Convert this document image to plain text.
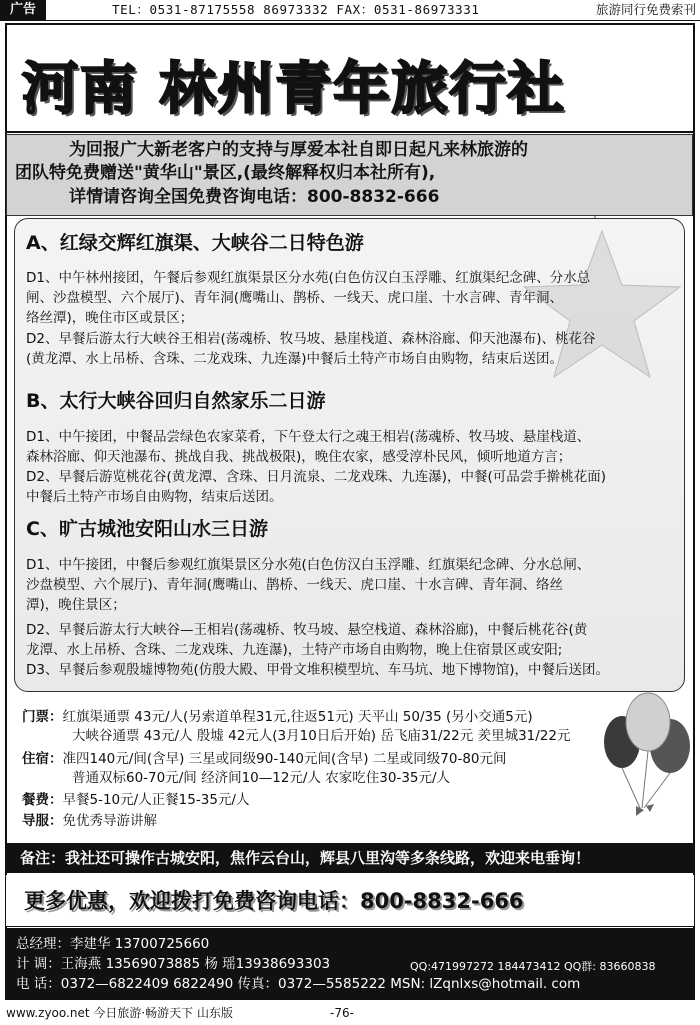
广告	TEL：0531-87175558 86973332 FAX：0531-86973331	旅游同行免费索刊
河南 林州青年旅行社
为回报广大新老客户的支持与厚爱本社自即日起凡来林旅游的
团队特免费赠送"黄华山"景区,(最终解释权归本社所有),
详情请咨询全国免费咨询电话：800-8832-666
A、红绿交辉红旗渠、大峡谷二日特色游
D1、中午林州接团，午餐后参观红旗渠景区分水苑(白色仿汉白玉浮雕、红旗渠纪念碑、分水总
闸、沙盘模型、六个展厅)、青年洞(鹰嘴山、鹊桥、一线天、虎口崖、十水言碑、青年洞、
络丝潭)，晚住市区或景区；
D2、早餐后游太行大峡谷王相岩(荡魂桥、牧马坡、悬崖栈道、森林浴廊、仰天池瀑布)、桃花谷
(黄龙潭、水上吊桥、含珠、二龙戏珠、九连瀑)中餐后土特产市场自由购物，结束后送团。
B、太行大峡谷回归自然家乐二日游
D1、中午接团，中餐品尝绿色农家菜肴，下午登太行之魂王相岩(荡魂桥、牧马坡、悬崖栈道、
森林浴廊、仰天池瀑布、挑战自我、挑战极限)，晚住农家，感受淳朴民风，倾听地道方言；
D2、早餐后游览桃花谷(黄龙潭、含珠、日月流泉、二龙戏珠、九连瀑)，中餐(可品尝手擀桃花面)
中餐后土特产市场自由购物，结束后送团。
C、旷古城池安阳山水三日游
D1、中午接团，中餐后参观红旗渠景区分水苑(白色仿汉白玉浮雕、红旗渠纪念碑、分水总闸、
沙盘模型、六个展厅)、青年洞(鹰嘴山、鹊桥、一线天、虎口崖、十水言碑、青年洞、络丝
潭)，晚住景区；
D2、早餐后游太行大峡谷—王相岩(荡魂桥、牧马坡、悬空栈道、森林浴廊)，中餐后桃花谷(黄
龙潭、水上吊桥、含珠、二龙戏珠、九连瀑)，土特产市场自由购物，晚上住宿景区或安阳;
D3、早餐后参观殷墟博物苑(仿殷大殿、甲骨文堆积模型坑、车马坑、地下博物馆)，中餐后送团。
门票：红旗渠通票 43元/人(另索道单程31元,往返51元) 天平山 50/35 (另小交通5元)
大峡谷通票 43元/人 殷墟 42元人(3月10日后开始) 岳飞庙31/22元 羑里城31/22元
住宿：准四140元/间(含早) 三星或同级90-140元间(含早) 二星或同级70-80元间
普通双标60-70元/间 经济间10—12元/人 农家吃住30-35元/人
餐费：早餐5-10元/人正餐15-35元/人
导服：免优秀导游讲解
备注：我社还可操作古城安阳，焦作云台山，辉县八里沟等多条线路，欢迎来电垂询！
更多优惠，欢迎拨打免费咨询电话：800-8832-666
总经理：李建华 13700725660
计 调：王海燕 13569073885 杨 瑶13938693303	QQ:471997272 184473412 QQ群: 83660838
电 话：0372—6822409 6822490 传真：0372—5585222 MSN: lZqnlxs@hotmail. com
www.zyoo.net 今日旅游·畅游天下 山东版	-76-
